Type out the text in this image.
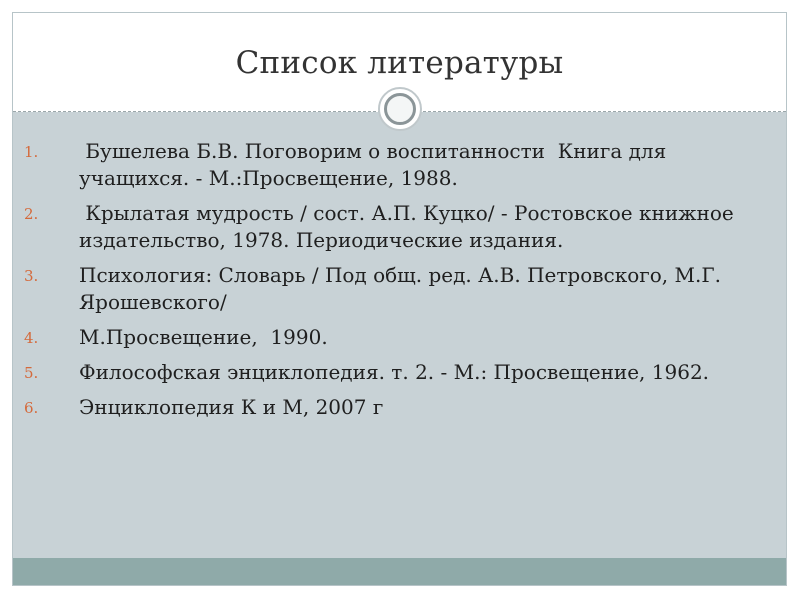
Список литературы
1. Бушелева Б.В. Поговорим о воспитанности  Книга для учащихся. - М.:Просвещение, 1988.
2. Крылатая мудрость / сост. А.П. Куцко/ - Ростовское книжное издательство, 1978. Периодические издания.
3. Психология: Словарь / Под общ. ред. А.В. Петровского, М.Г. Ярошевского/
4. М.Просвещение,  1990.
5. Философская энциклопедия. т. 2. - М.: Просвещение, 1962.
6. Энциклопедия К и М, 2007 г
